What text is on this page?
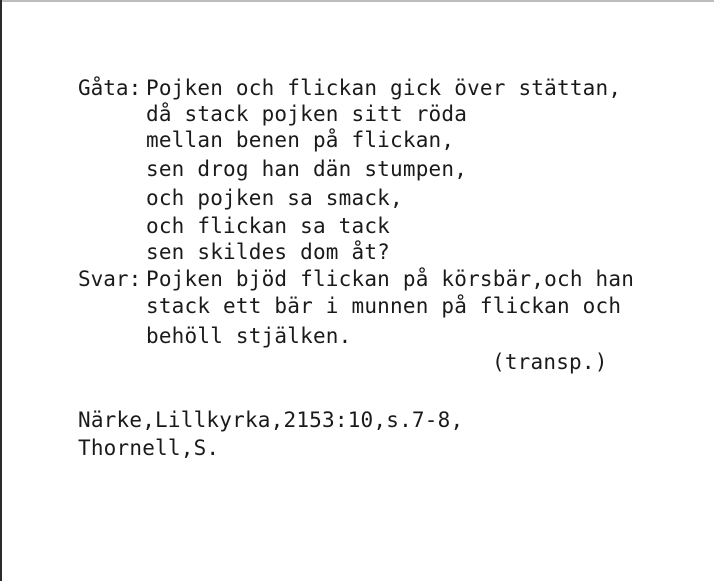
Gåta: Pojken och flickan gick över stättan,
då stack pojken sitt röda
mellan benen på flickan,
sen drog han dän stumpen,
och pojken sa smack,
och flickan sa tack
sen skildes dom åt?
Svar: Pojken bjöd flickan på körsbär,och han
stack ett bär i munnen på flickan och
behöll stjälken.
(transp.)
Närke,Lillkyrka,2153:10,s.7-8,
Thornell,S.
